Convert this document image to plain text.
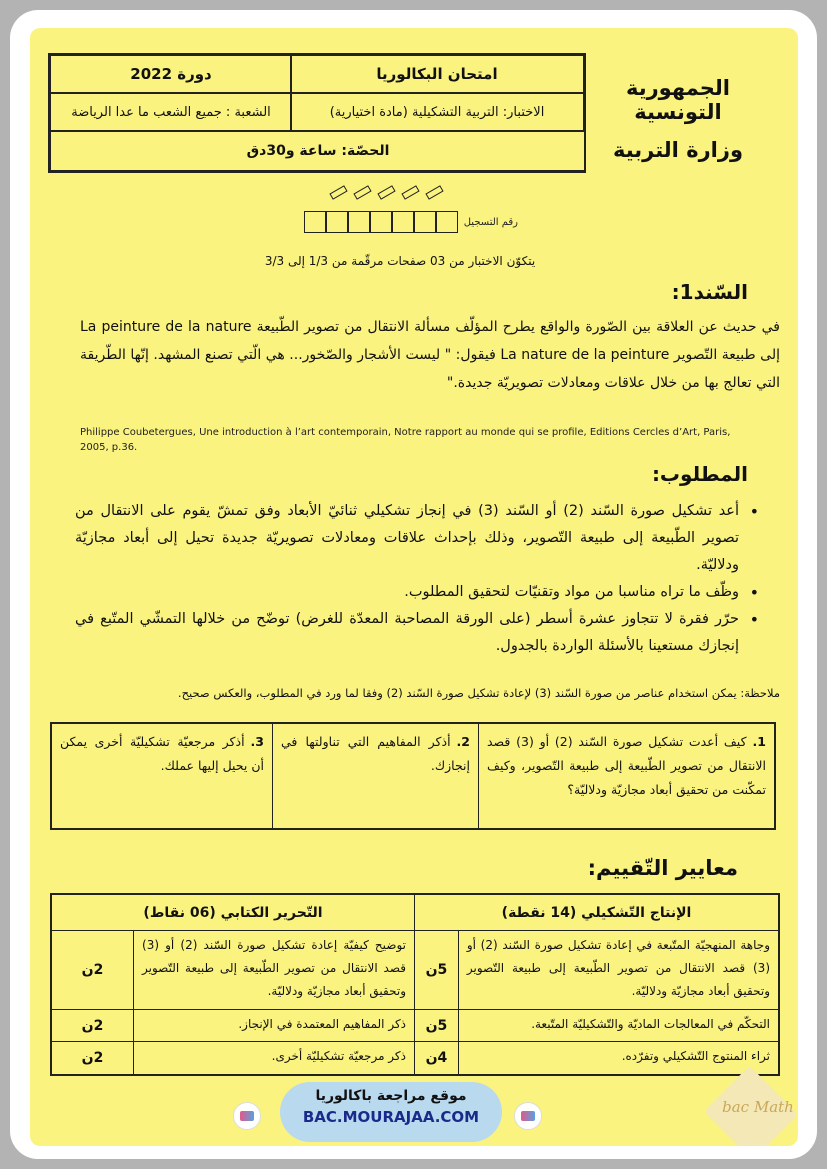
الجمهورية التونسية
وزارة التربية
امتحان البكالوريا
دورة 2022
الاختبار: التربية التشكيلية (مادة اختيارية)
الشعبة : جميع الشعب ما عدا الرياضة
الحصّة: ساعة و30دق
رقم التسجيل
يتكوّن الاختبار من 03 صفحات مرقّمة من 1/3 إلى 3/3
السّند1:
في حديث عن العلاقة بين الصّورة والواقع يطرح المؤلّف مسألة الانتقال من تصوير الطّبيعة La peinture de la nature إلى طبيعة التّصوير La nature de la peinture فيقول: " ليست الأشجار والصّخور... هي الّتي تصنع المشهد. إنّها الطّريقة التي تعالج بها من خلال علاقات ومعادلات تصويريّة جديدة."
Philippe Coubetergues, Une introduction à l’art contemporain, Notre rapport au monde qui se profile, Editions Cercles d’Art, Paris, 2005, p.36.
المطلوب:
• أعد تشكيل صورة السّند (2) أو السّند (3) في إنجاز تشكيلي ثنائيّ الأبعاد وفق تمشّ يقوم على الانتقال من تصوير الطّبيعة إلى طبيعة التّصوير، وذلك بإحداث علاقات ومعادلات تصويريّة جديدة تحيل إلى أبعاد مجازيّة ودلاليّة.
• وظّف ما تراه مناسبا من مواد وتقنيّات لتحقيق المطلوب.
• حرّر فقرة لا تتجاوز عشرة أسطر (على الورقة المصاحبة المعدّة للغرض) توضّح من خلالها التمشّي المتّبع في إنجازك مستعينا بالأسئلة الواردة بالجدول.
ملاحظة: يمكن استخدام عناصر من صورة السّند (3) لإعادة تشكيل صورة السّند (2) وفقا لما ورد في المطلوب، والعكس صحيح.
1.كيف أعدت تشكيل صورة السّند (2) أو (3) قصد الانتقال من تصوير الطّبيعة إلى طبيعة التّصوير، وكيف تمكّنت من تحقيق أبعاد مجازيّة ودلاليّة؟
2.أذكر المفاهيم التي تناولتها في إنجازك.
3.أذكر مرجعيّة تشكيليّة أخرى يمكن أن يحيل إليها عملك.
معايير التّقييم:
الإنتاج التّشكيلي (14 نقطة)
التّحرير الكتابي (06 نقاط)
وجاهة المنهجيّة المتّبعة في إعادة تشكيل صورة السّند (2) أو (3) قصد الانتقال من تصوير الطّبيعة إلى طبيعة التّصوير وتحقيق أبعاد مجازيّة ودلاليّة.
5ن
التحكّم في المعالجات الماديّة والتّشكيليّة المتّبعة.
5ن
ثراء المنتوج التّشكيلي وتفرّده.
4ن
توضيح كيفيّة إعادة تشكيل صورة السّند (2) أو (3) قصد الانتقال من تصوير الطّبيعة إلى طبيعة التّصوير وتحقيق أبعاد مجازيّة ودلاليّة.
2ن
ذكر المفاهيم المعتمدة في الإنجاز.
2ن
ذكر مرجعيّة تشكيليّة أخرى.
2ن
موقع مراجعة باكالوريا
BAC.MOURAJAA.COM
bac Math
